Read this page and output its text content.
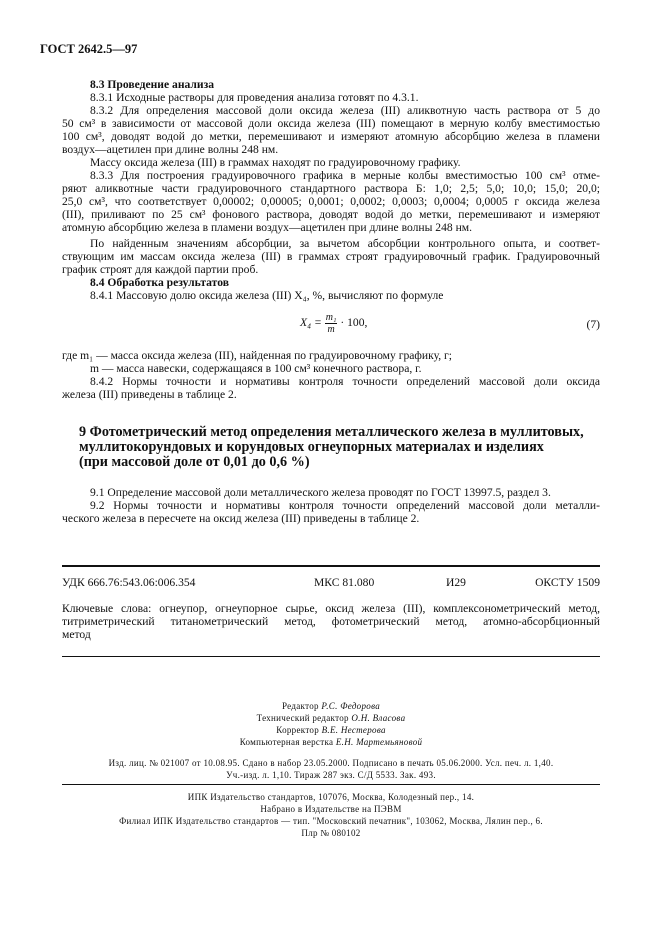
ГОСТ 2642.5—97
8.3 Проведение анализа
8.3.1 Исходные растворы для проведения анализа готовят по 4.3.1.
8.3.2 Для определения массовой доли оксида железа (III) аликвотную часть раствора от 5 до
50 см³ в зависимости от массовой доли оксида железа (III) помещают в мерную колбу вместимостью
100 см³, доводят водой до метки, перемешивают и измеряют атомную абсорбцию железа в пламени
воздух—ацетилен при длине волны 248 нм.
Массу оксида железа (III) в граммах находят по градуировочному графику.
8.3.3 Для построения градуировочного графика в мерные колбы вместимостью 100 см³ отме-
ряют аликвотные части градуировочного стандартного раствора Б: 1,0; 2,5; 5,0; 10,0; 15,0; 20,0;
25,0 см³, что соответствует 0,00002; 0,00005; 0,0001; 0,0002; 0,0003; 0,0004; 0,0005 г оксида железа
(III), приливают по 25 см³ фонового раствора, доводят водой до метки, перемешивают и измеряют
атомную абсорбцию железа в пламени воздух—ацетилен при длине волны 248 нм.
По найденным значениям абсорбции, за вычетом абсорбции контрольного опыта, и соответ-
ствующим им массам оксида железа (III) в граммах строят градуировочный график. Градуировочный
график строят для каждой партии проб.
8.4 Обработка результатов
8.4.1 Массовую долю оксида железа (III) X₄, %, вычисляют по формуле
$X_4 = \frac{\text{m₁}}{m} \cdot 100$,	(7)
где m₁ — масса оксида железа (III), найденная по градуировочному графику, г;
m — масса навески, содержащаяся в 100 см³ конечного раствора, г.
8.4.2 Нормы точности и нормативы контроля точности определений массовой доли оксида
железа (III) приведены в таблице 2.
9 Фотометрический метод определения металлического железа в муллитовых,
муллитокорундовых и корундовых огнеупорных материалах и изделиях
(при массовой доле от 0,01 до 0,6 %)
9.1 Определение массовой доли металлического железа проводят по ГОСТ 13997.5, раздел 3.
9.2 Нормы точности и нормативы контроля точности определений массовой доли металли-
ческого железа в пересчете на оксид железа (III) приведены в таблице 2.
УДК 666.76:543.06:006.354	МКС 81.080	И29	ОКСТУ 1509
Ключевые слова: огнеупор, огнеупорное сырье, оксид железа (III), комплексонометрический метод,
титриметрический титанометрический метод, фотометрический метод, атомно-абсорбционный
метод
Редактор Р.С. Федорова
Технический редактор О.Н. Власова
Корректор В.Е. Нестерова
Компьютерная верстка Е.Н. Мартемьяновой
Изд. лиц. № 021007 от 10.08.95. Сдано в набор 23.05.2000. Подписано в печать 05.06.2000. Усл. печ. л. 1,40.
Уч.-изд. л. 1,10. Тираж 287 экз. С/Д 5533. Зак. 493.
ИПК Издательство стандартов, 107076, Москва, Колодезный пер., 14.
Набрано в Издательстве на ПЭВМ
Филиал ИПК Издательство стандартов — тип. "Московский печатник", 103062, Москва, Лялин пер., 6.
Плр № 080102
